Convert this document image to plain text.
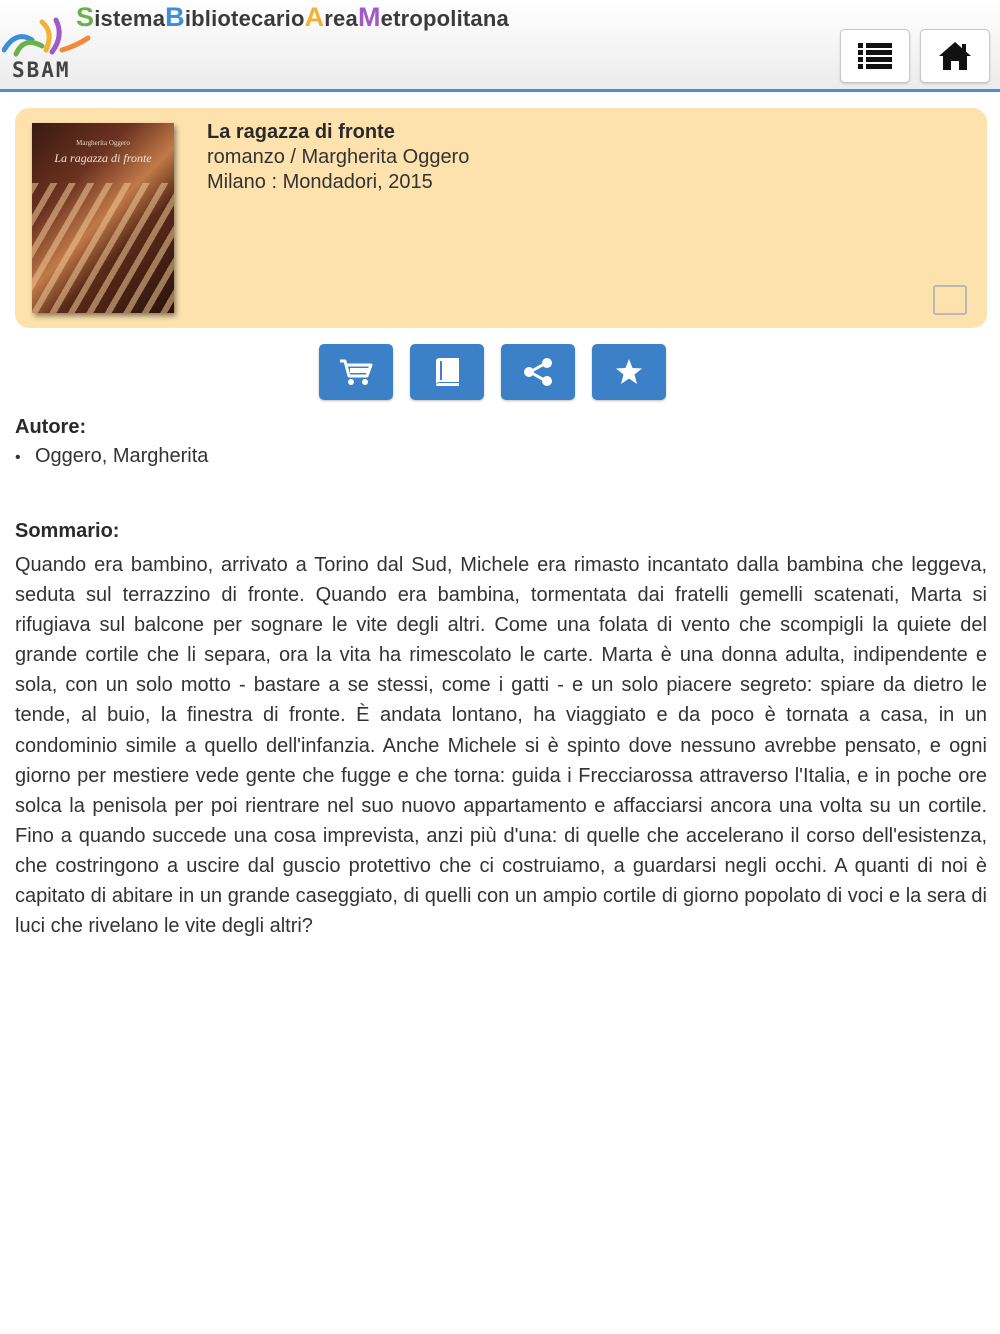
SistemaBibliotecarioAreaMetropolitana
SBAM
Margherita Oggero
La ragazza di fronte
La ragazza di fronte
romanzo / Margherita Oggero
Milano : Mondadori, 2015
Autore:
• Oggero, Margherita
Sommario:

Quando era bambino, arrivato a Torino dal Sud, Michele era rimasto incantato dalla bambina che leggeva, seduta sul terrazzino di fronte. Quando era bambina, tormentata dai fratelli gemelli scatenati, Marta si rifugiava sul balcone per sognare le vite degli altri. Come una folata di vento che scompigli la quiete del grande cortile che li separa, ora la vita ha rimescolato le carte. Marta è una donna adulta, indipendente e sola, con un solo motto - bastare a se stessi, come i gatti - e un solo piacere segreto: spiare da dietro le tende, al buio, la finestra di fronte. È andata lontano, ha viaggiato e da poco è tornata a casa, in un condominio simile a quello dell'infanzia. Anche Michele si è spinto dove nessuno avrebbe pensato, e ogni giorno per mestiere vede gente che fugge e che torna: guida i Frecciarossa attraverso l'Italia, e in poche ore solca la penisola per poi rientrare nel suo nuovo appartamento e affacciarsi ancora una volta su un cortile. Fino a quando succede una cosa imprevista, anzi più d'una: di quelle che accelerano il corso dell'esistenza, che costringono a uscire dal guscio protettivo che ci costruiamo, a guardarsi negli occhi. A quanti di noi è capitato di abitare in un grande caseggiato, di quelli con un ampio cortile di giorno popolato di voci e la sera di luci che rivelano le vite degli altri?
